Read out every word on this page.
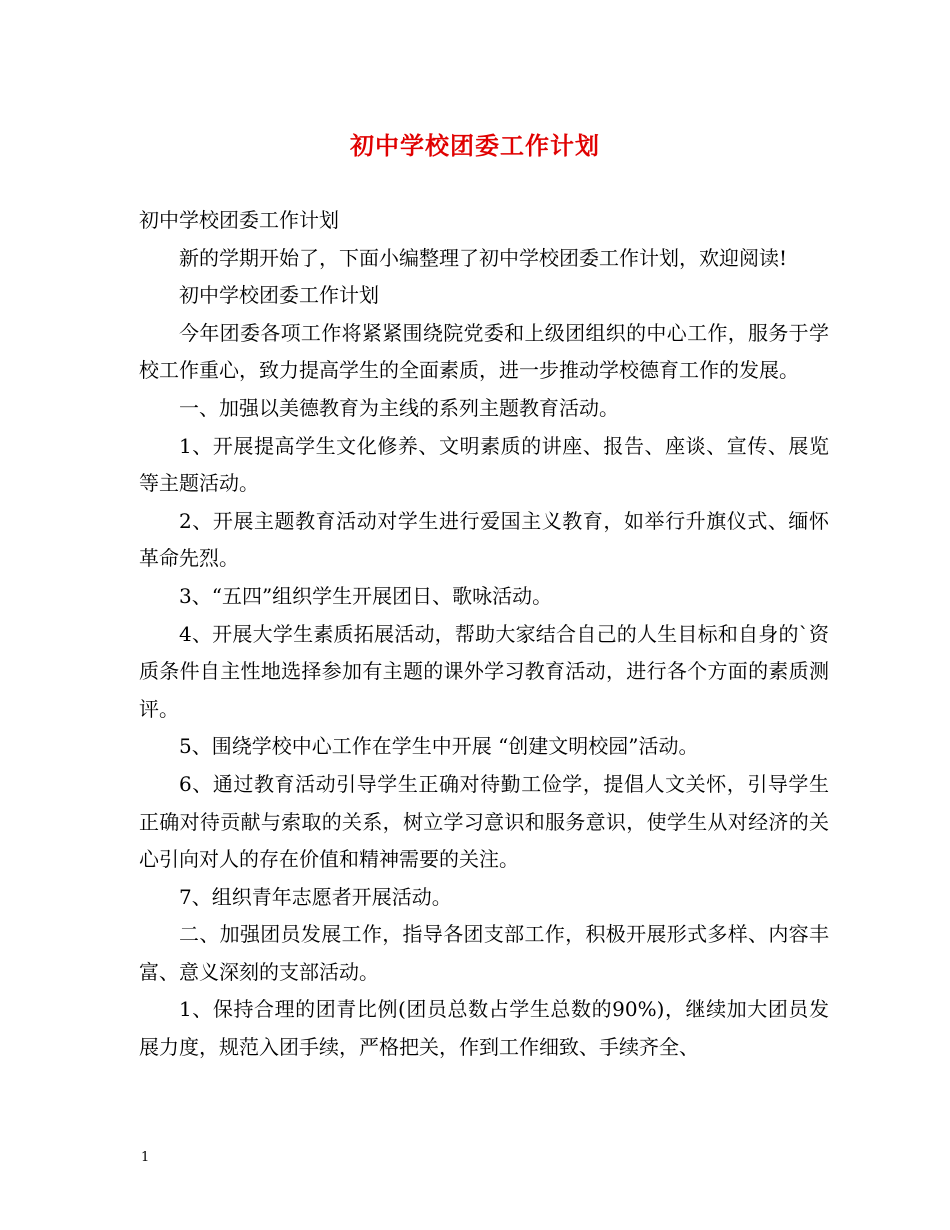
初中学校团委工作计划

初中学校团委工作计划

新的学期开始了，下面小编整理了初中学校团委工作计划，欢迎阅读!

初中学校团委工作计划

今年团委各项工作将紧紧围绕院党委和上级团组织的中心工作，服务于学校工作重心，致力提高学生的全面素质，进一步推动学校德育工作的发展。

一、加强以美德教育为主线的系列主题教育活动。

1、开展提高学生文化修养、文明素质的讲座、报告、座谈、宣传、展览等主题活动。

2、开展主题教育活动对学生进行爱国主义教育，如举行升旗仪式、缅怀革命先烈。

3、“五四”组织学生开展团日、歌咏活动。

4、开展大学生素质拓展活动，帮助大家结合自己的人生目标和自身的`资质条件自主性地选择参加有主题的课外学习教育活动，进行各个方面的素质测评。

5、围绕学校中心工作在学生中开展 “创建文明校园”活动。

6、通过教育活动引导学生正确对待勤工俭学，提倡人文关怀，引导学生正确对待贡献与索取的关系，树立学习意识和服务意识，使学生从对经济的关心引向对人的存在价值和精神需要的关注。

7、组织青年志愿者开展活动。

二、加强团员发展工作，指导各团支部工作，积极开展形式多样、内容丰富、意义深刻的支部活动。

1、保持合理的团青比例(团员总数占学生总数的90%)，继续加大团员发展力度，规范入团手续，严格把关，作到工作细致、手续齐全、

1
